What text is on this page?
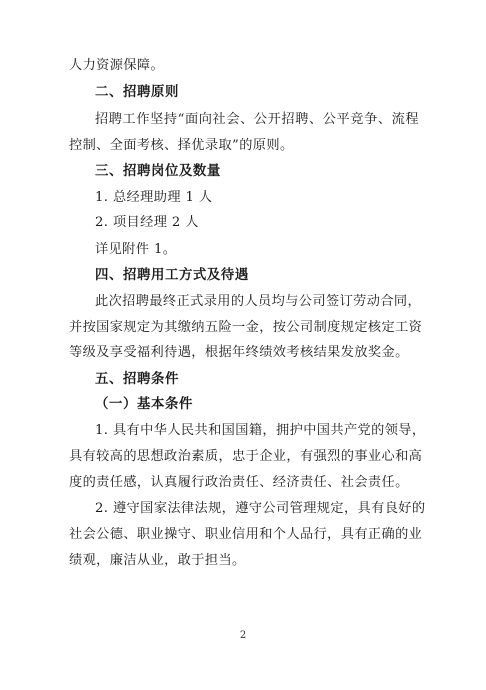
人力资源保障。
二、招聘原则
招聘工作坚持“面向社会、公开招聘、公平竞争、流程
控制、全面考核、择优录取”的原则。
三、招聘岗位及数量
1. 总经理助理 1 人
2. 项目经理 2 人
详见附件 1。
四、招聘用工方式及待遇
此次招聘最终正式录用的人员均与公司签订劳动合同，
并按国家规定为其缴纳五险一金，按公司制度规定核定工资
等级及享受福利待遇，根据年终绩效考核结果发放奖金。
五、招聘条件
（一）基本条件
1. 具有中华人民共和国国籍，拥护中国共产党的领导，
具有较高的思想政治素质，忠于企业，有强烈的事业心和高
度的责任感，认真履行政治责任、经济责任、社会责任。
2. 遵守国家法律法规，遵守公司管理规定，具有良好的
社会公德、职业操守、职业信用和个人品行，具有正确的业
绩观，廉洁从业，敢于担当。
2
